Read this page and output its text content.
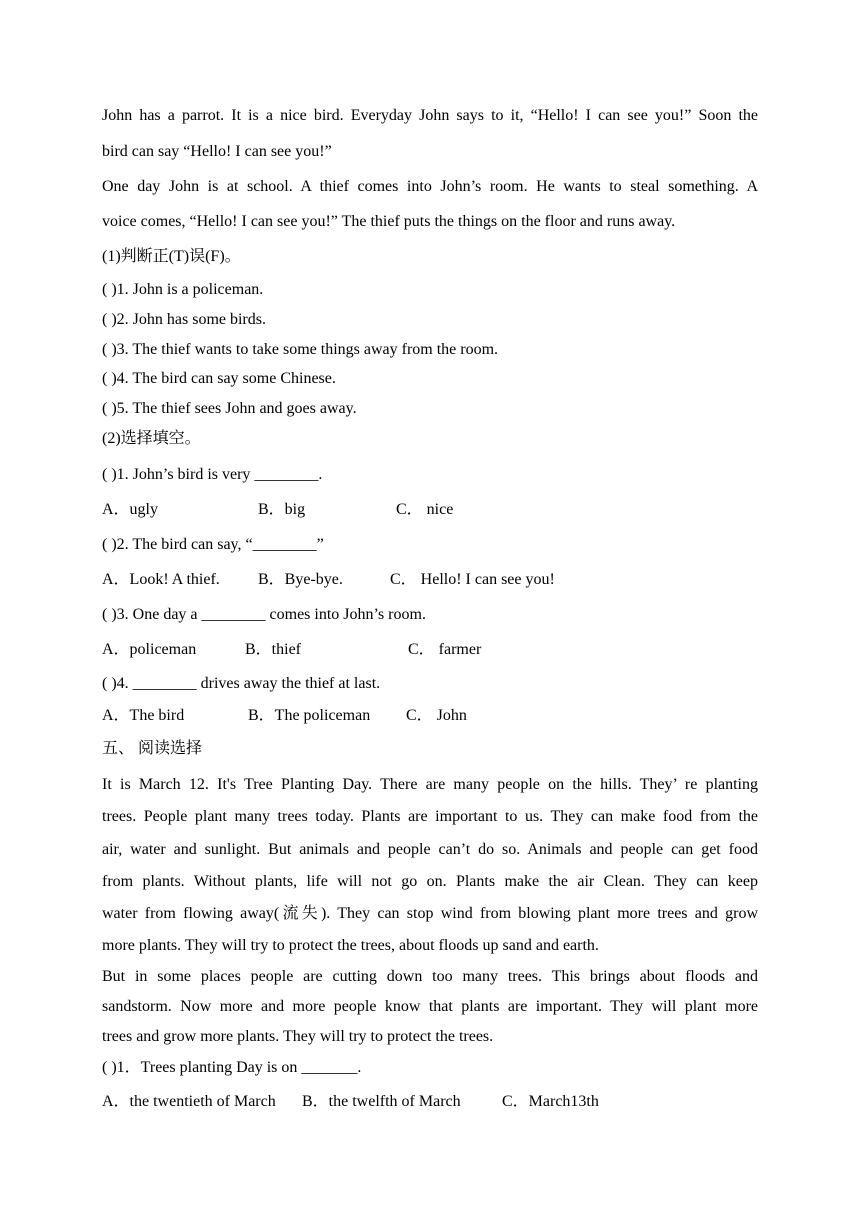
John has a parrot. It is a nice bird. Everyday John says to it, “Hello! I can see you!” Soon the
bird can say “Hello! I can see you!”
One day John is at school. A thief comes into John’s room. He wants to steal something. A
voice comes, “Hello! I can see you!” The thief puts the things on the floor and runs away.
(1)判断正(T)误(F)。
( )1. John is a policeman.
( )2. John has some birds.
( )3. The thief wants to take some things away from the room.
( )4. The bird can say some Chinese.
( )5. The thief sees John and goes away.
(2)选择填空。
( )1. John’s bird is very ________.
A．ugly	B．big	C． nice
( )2. The bird can say, “________”
A．Look! A thief. B．Bye-bye.	C． Hello! I can see you!
( )3. One day a ________ comes into John’s room.
A．policeman	B．thief	C． farmer
( )4. ________ drives away the thief at last.
A．The bird	B．The policeman C． John
五、 阅读选择
It is March 12. It's Tree Planting Day. There are many people on the hills. They’ re planting
trees. People plant many trees today. Plants are important to us. They can make food from the
air, water and sunlight. But animals and people can’t do so. Animals and people can get food
from plants. Without plants, life will not go on. Plants make the air Clean. They can keep
water from flowing away(流失). They can stop wind from blowing plant more trees and grow
more plants. They will try to protect the trees, about floods up sand and earth.
But in some places people are cutting down too many trees. This brings about floods and
sandstorm. Now more and more people know that plants are important. They will plant more
trees and grow more plants. They will try to protect the trees.
( )1．Trees planting Day is on _______.
A．the twentieth of March B．the twelfth of March	C．March13th
